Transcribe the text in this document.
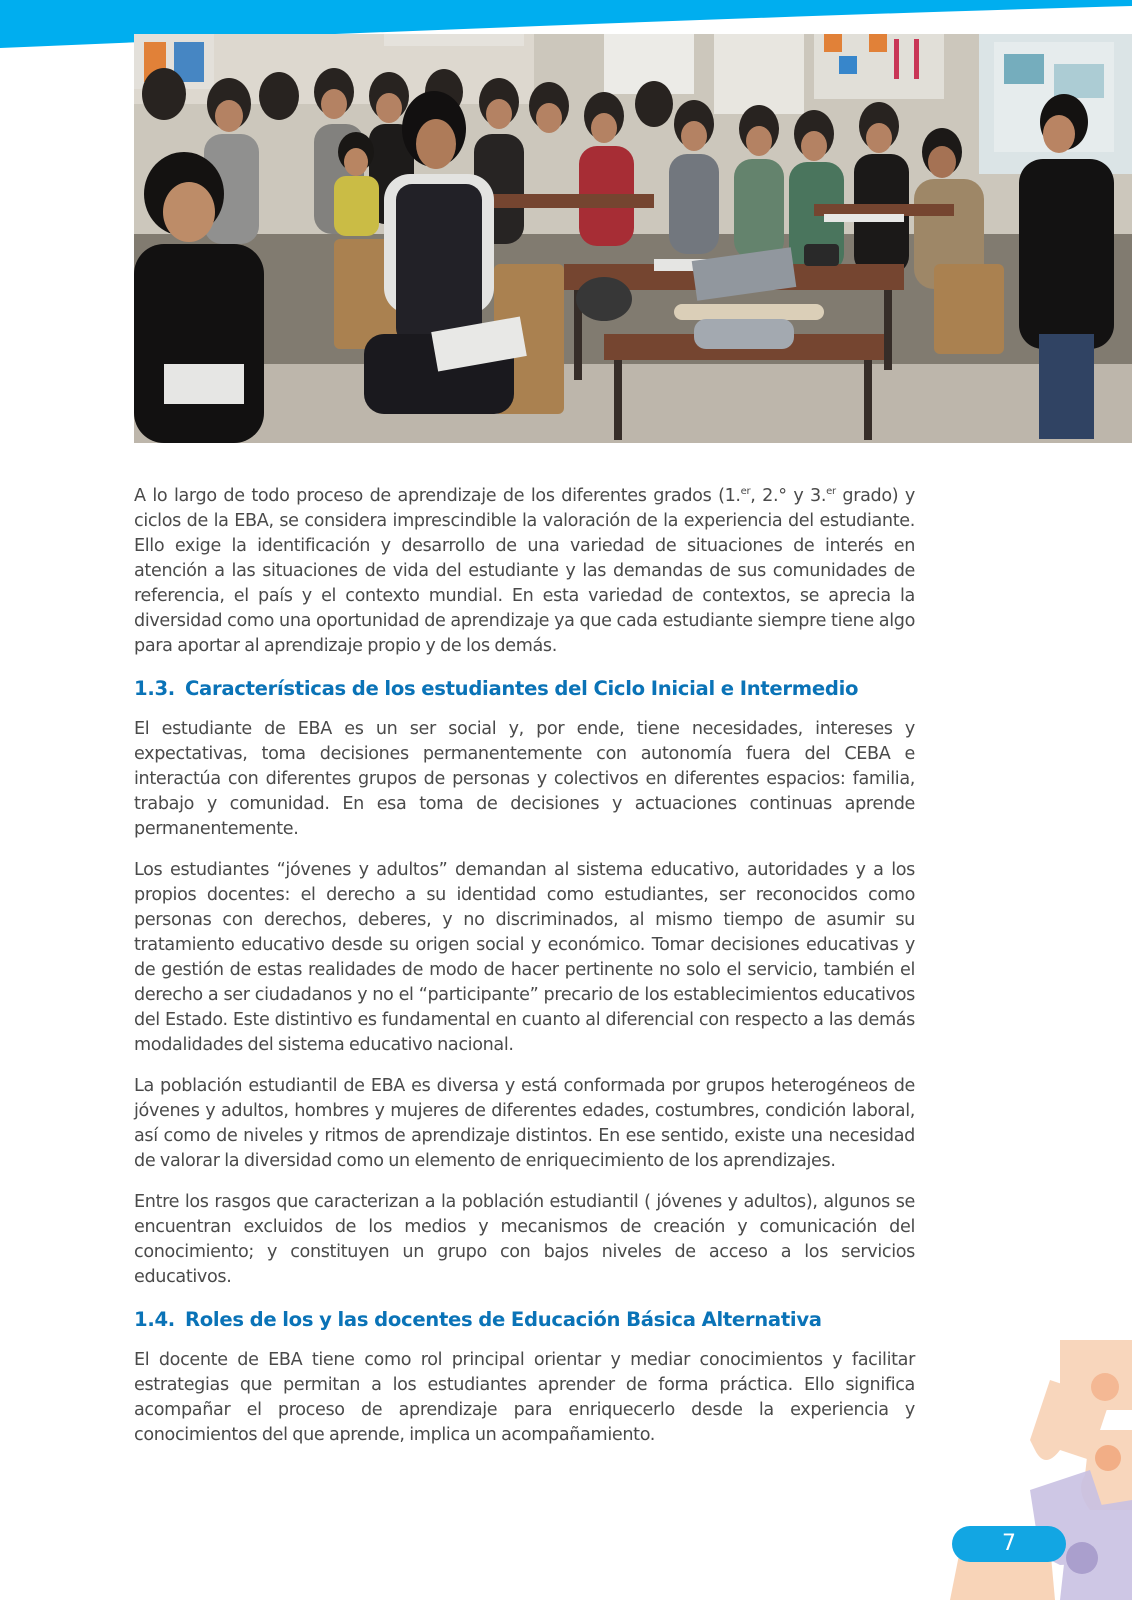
A lo largo de todo proceso de aprendizaje de los diferentes grados (1.$^{er}$, 2.° y 3.$^{er}$ grado) y ciclos de la EBA, se considera imprescindible la valoración de la experiencia del estudiante. Ello exige la identificación y desarrollo de una variedad de situaciones de interés en atención a las situaciones de vida del estudiante y las demandas de sus comunidades de referencia, el país y el contexto mundial. En esta variedad de contextos, se aprecia la diversidad como una oportunidad de aprendizaje ya que cada estudiante siempre tiene algo para aportar al aprendizaje propio y de los demás.

1.3. Características de los estudiantes del Ciclo Inicial e Intermedio

El estudiante de EBA es un ser social y, por ende, tiene necesidades, intereses y expectativas, toma decisiones permanentemente con autonomía fuera del CEBA e interactúa con diferentes grupos de personas y colectivos en diferentes espacios: familia, trabajo y comunidad. En esa toma de decisiones y actuaciones continuas aprende permanentemente.

Los estudiantes “jóvenes y adultos” demandan al sistema educativo, autoridades y a los propios docentes: el derecho a su identidad como estudiantes, ser reconocidos como personas con derechos, deberes, y no discriminados, al mismo tiempo de asumir su tratamiento educativo desde su origen social y económico. Tomar decisiones educativas y de gestión de estas realidades de modo de hacer pertinente no solo el servicio, también el derecho a ser ciudadanos y no el “participante” precario de los establecimientos educativos del Estado. Este distintivo es fundamental en cuanto al diferencial con respecto a las demás modalidades del sistema educativo nacional.

La población estudiantil de EBA es diversa y está conformada por grupos heterogéneos de jóvenes y adultos, hombres y mujeres de diferentes edades, costumbres, condición laboral, así como de niveles y ritmos de aprendizaje distintos. En ese sentido, existe una necesidad de valorar la diversidad como un elemento de enriquecimiento de los aprendizajes.

Entre los rasgos que caracterizan a la población estudiantil ( jóvenes y adultos), algunos se encuentran excluidos de los medios y mecanismos de creación y comunicación del conocimiento; y constituyen un grupo con bajos niveles de acceso a los servicios educativos.

1.4. Roles de los y las docentes de Educación Básica Alternativa

El docente de EBA tiene como rol principal orientar y mediar conocimientos y facilitar estrategias que permitan a los estudiantes aprender de forma práctica. Ello significa acompañar el proceso de aprendizaje para enriquecerlo desde la experiencia y conocimientos del que aprende, implica un acompañamiento.

7
